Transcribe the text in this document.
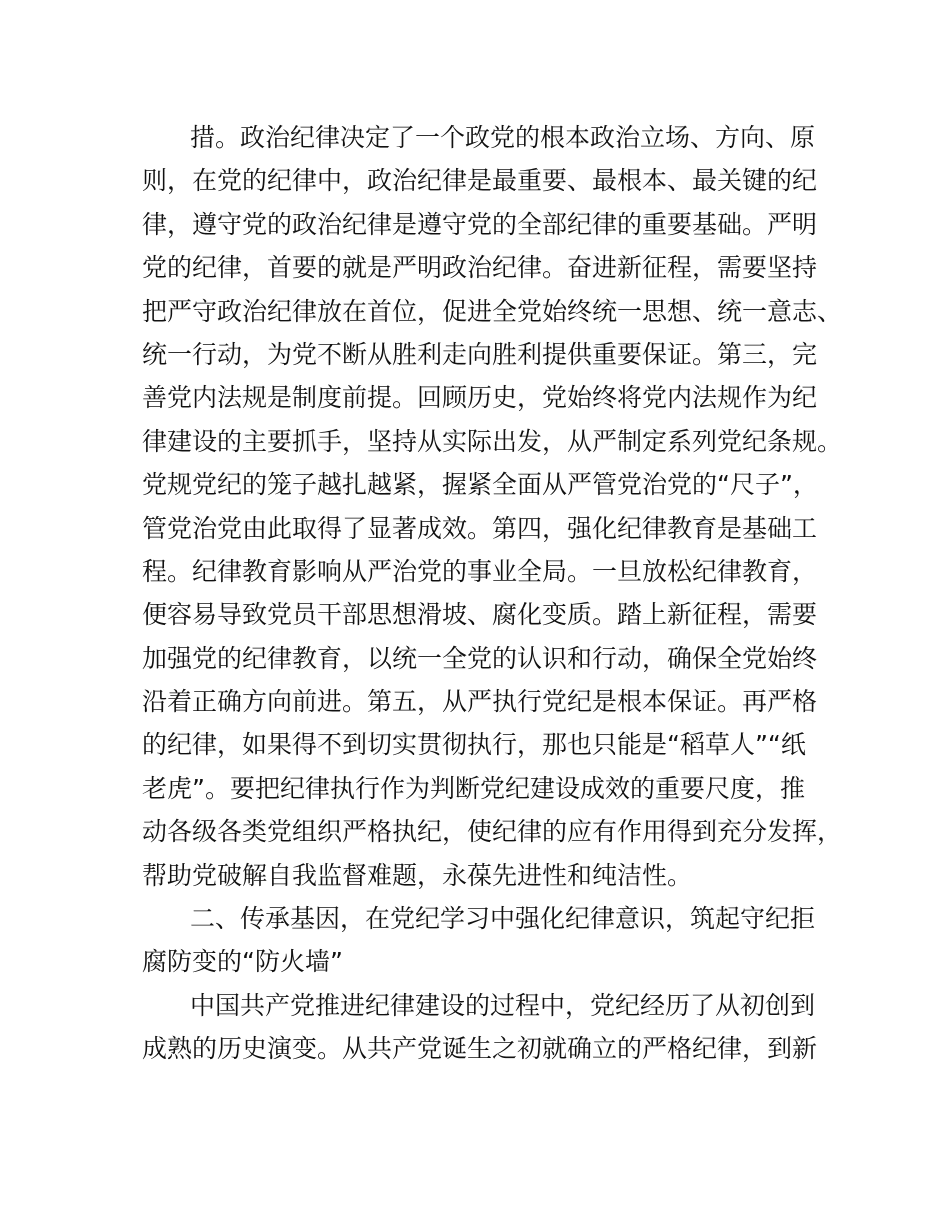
措。政治纪律决定了一个政党的根本政治立场、方向、原
则，在党的纪律中，政治纪律是最重要、最根本、最关键的纪
律，遵守党的政治纪律是遵守党的全部纪律的重要基础。严明
党的纪律，首要的就是严明政治纪律。奋进新征程，需要坚持
把严守政治纪律放在首位，促进全党始终统一思想、统一意志、
统一行动，为党不断从胜利走向胜利提供重要保证。第三，完
善党内法规是制度前提。回顾历史，党始终将党内法规作为纪
律建设的主要抓手，坚持从实际出发，从严制定系列党纪条规。
党规党纪的笼子越扎越紧，握紧全面从严管党治党的“尺子”，
管党治党由此取得了显著成效。第四，强化纪律教育是基础工
程。纪律教育影响从严治党的事业全局。一旦放松纪律教育，
便容易导致党员干部思想滑坡、腐化变质。踏上新征程，需要
加强党的纪律教育，以统一全党的认识和行动，确保全党始终
沿着正确方向前进。第五，从严执行党纪是根本保证。再严格
的纪律，如果得不到切实贯彻执行，那也只能是“稻草人”“纸
老虎”。要把纪律执行作为判断党纪建设成效的重要尺度，推
动各级各类党组织严格执纪，使纪律的应有作用得到充分发挥，
帮助党破解自我监督难题，永葆先进性和纯洁性。
二、传承基因，在党纪学习中强化纪律意识，筑起守纪拒
腐防变的“防火墙”
中国共产党推进纪律建设的过程中，党纪经历了从初创到
成熟的历史演变。从共产党诞生之初就确立的严格纪律，到新
